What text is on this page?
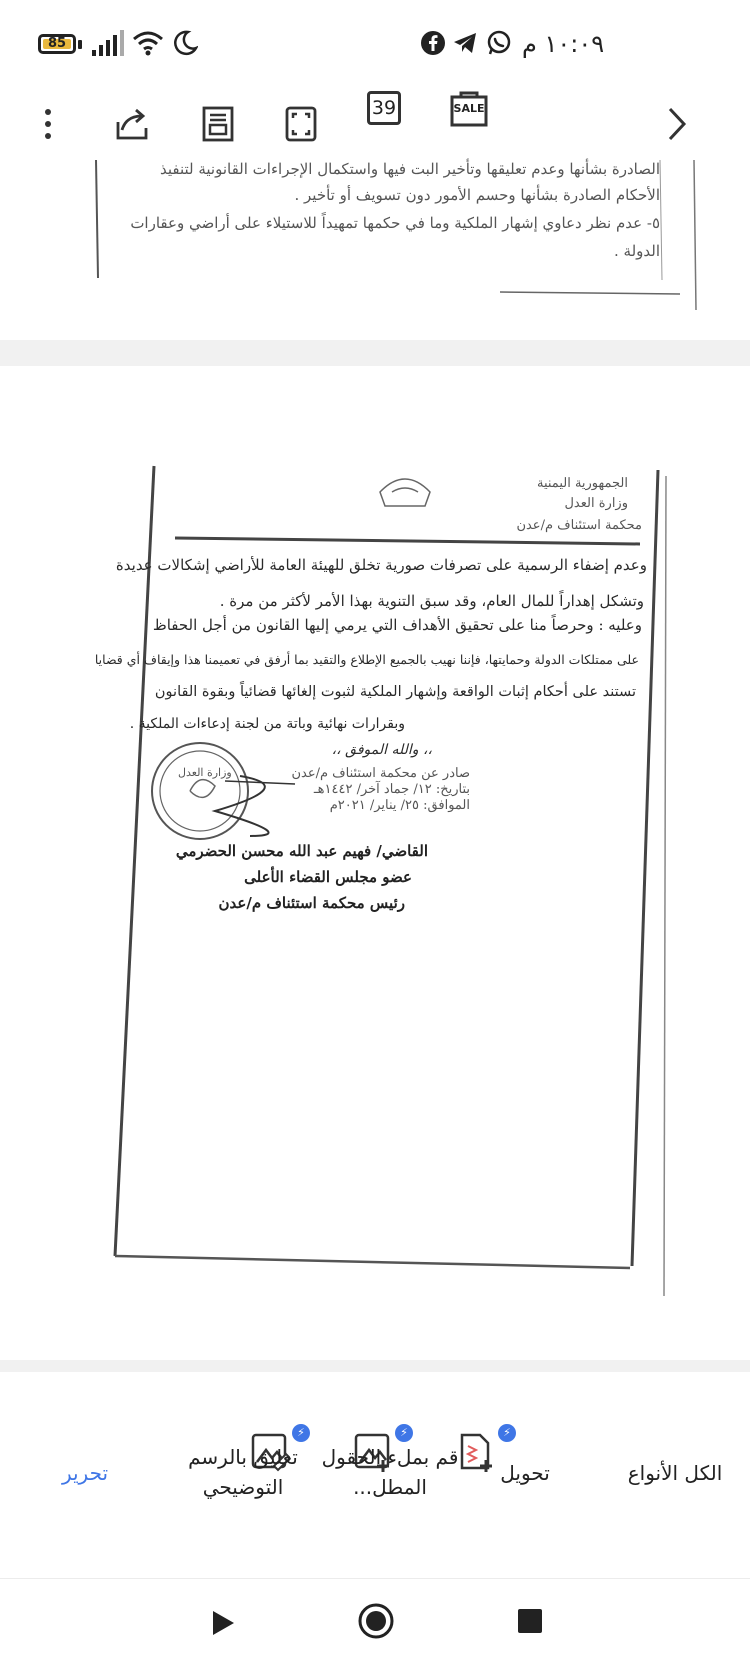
85	١٠:٠٩ م
39	SALE
الصادرة بشأنها وعدم تعليقها وتأخير البت فيها واستكمال الإجراءات القانونية لتنفيذ
الأحكام الصادرة بشأنها وحسم الأمور دون تسويف أو تأخير .
٥- عدم نظر دعاوي إشهار الملكية وما في حكمها تمهيداً للاستيلاء على أراضي وعقارات
الدولة .
الجمهورية اليمنية
وزارة العدل
محكمة استئناف م/عدن
وعدم إضفاء الرسمية على تصرفات صورية تخلق للهيئة العامة للأراضي إشكالات عديدة
وتشكل إهداراً للمال العام، وقد سبق التنوية بهذا الأمر لأكثر من مرة .
وعليه : وحرصاً منا على تحقيق الأهداف التي يرمي إليها القانون من أجل الحفاظ
على ممتلكات الدولة وحمايتها، فإننا نهيب بالجميع الإطلاع والتقيد بما أرفق في تعميمنا هذا وإيقاف أي قضايا
تستند على أحكام إثبات الواقعة وإشهار الملكية لثبوت إلغائها قضائياً وبقوة القانون
وبقرارات نهائية وباتة من لجنة إدعاءات الملكية .
،، والله الموفق ،،
صادر عن محكمة استئناف م/عدن
بتاريخ: ١٢/ جماد آخر/ ١٤٤٢هـ
الموافق: ٢٥/ يناير/ ٢٠٢١م
وزارة العدل
القاضي/ فهيم عبد الله محسن الحضرمي
عضو مجلس القضاء الأعلى
رئيس محكمة استئناف م/عدن
⚡	⚡	⚡
الكل الأنواع
تحويل
قم بملء الحقول المطل...
تعليق بالرسم التوضيحي
تحرير
